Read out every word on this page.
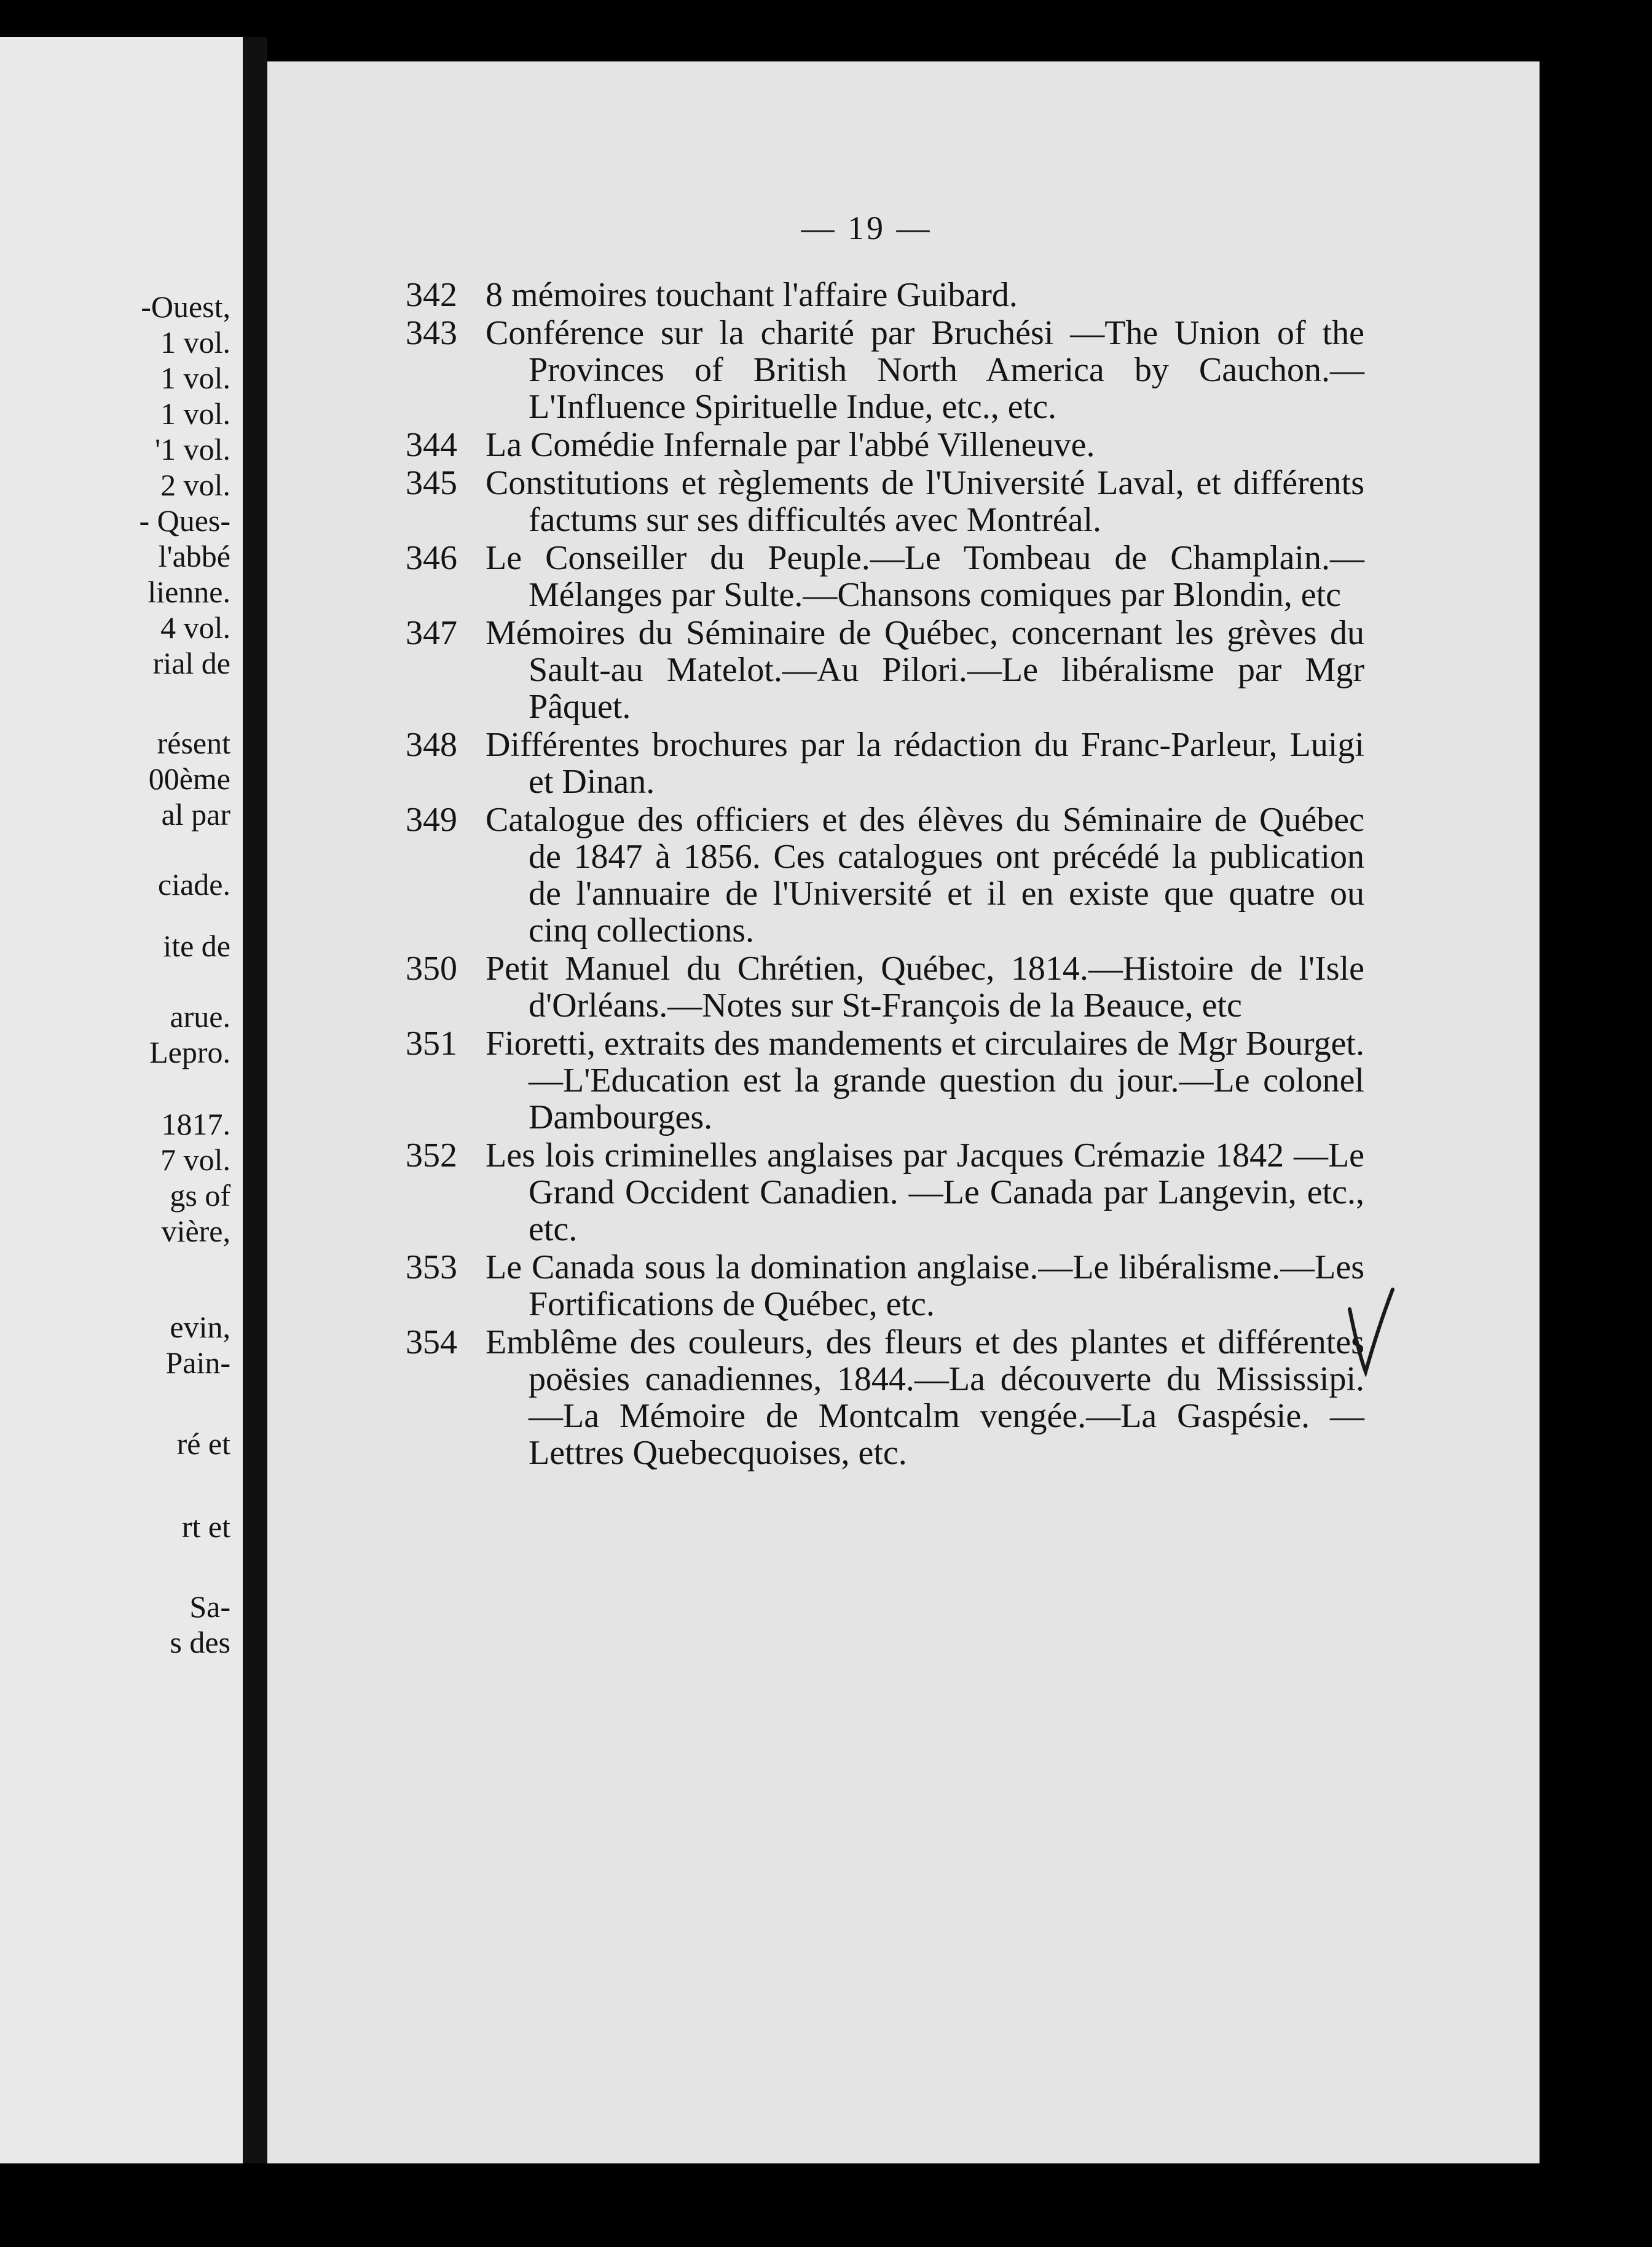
-Ouest,
1 vol.
1 vol.
1 vol.
'1 vol.
2 vol.
- Ques-
l'abbé
lienne.
4 vol.
rial de
résent
00ème
al par
ciade.
ite de
arue.
Lepro.
1817.
7 vol.
gs of
vière,
evin,
Pain-
ré et
rt et
Sa-
s des
— 19 —
342 8 mémoires touchant l'affaire Guibard.
343 Conférence sur la charité par Bruchési —The Union of the Provinces of British North America by Cauchon.—L'Influence Spirituelle Indue, etc., etc.
344 La Comédie Infernale par l'abbé Villeneuve.
345 Constitutions et règlements de l'Université Laval, et différents factums sur ses difficultés avec Montréal.
346 Le Conseiller du Peuple.—Le Tombeau de Champlain.—Mélanges par Sulte.—Chansons comiques par Blondin, etc
347 Mémoires du Séminaire de Québec, concernant les grèves du Sault-au Matelot.—Au Pilori.—Le libéralisme par Mgr Pâquet.
348 Différentes brochures par la rédaction du Franc-Parleur, Luigi et Dinan.
349 Catalogue des officiers et des élèves du Séminaire de Québec de 1847 à 1856. Ces catalogues ont précédé la publication de l'annuaire de l'Université et il en existe que quatre ou cinq collections.
350 Petit Manuel du Chrétien, Québec, 1814.—Histoire de l'Isle d'Orléans.—Notes sur St-François de la Beauce, etc
351 Fioretti, extraits des mandements et circulaires de Mgr Bourget.—L'Education est la grande question du jour.—Le colonel Dambourges.
352 Les lois criminelles anglaises par Jacques Crémazie 1842 —Le Grand Occident Canadien. —Le Canada par Langevin, etc., etc.
353 Le Canada sous la domination anglaise.—Le libéralisme.—Les Fortifications de Québec, etc.
354 Emblême des couleurs, des fleurs et des plantes et différentes poësies canadiennes, 1844.—La découverte du Mississipi.—La Mémoire de Montcalm vengée.—La Gaspésie. — Lettres Quebecquoises, etc.
